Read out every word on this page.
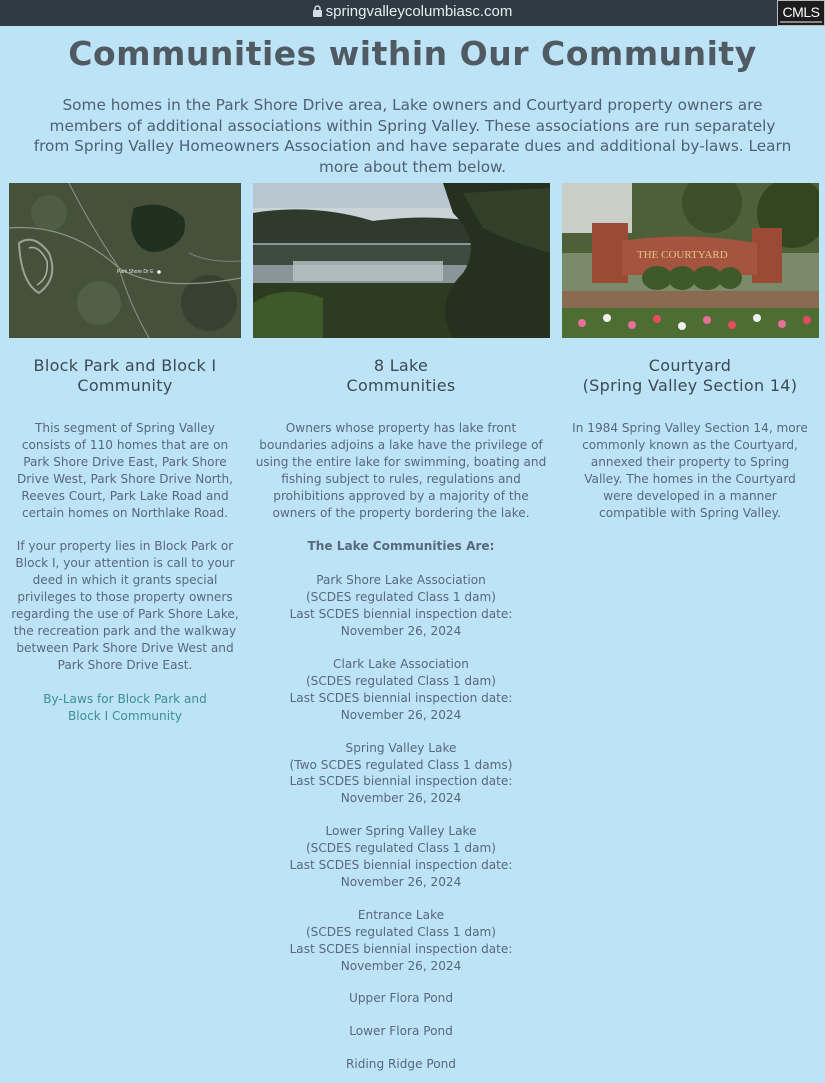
springvalleycolumbiasc.com	CMLS
Communities within Our Community

Some homes in the Park Shore Drive area, Lake owners and Courtyard property owners are members of additional associations within Spring Valley. These associations are run separately from Spring Valley Homeowners Association and have separate dues and additional by-laws. Learn more about them below.

Park Shore Dr E
THE COURTYARD
Block Park and Block I
Community

This segment of Spring Valley consists of 110 homes that are on Park Shore Drive East, Park Shore Drive West, Park Shore Drive North, Reeves Court, Park Lake Road and certain homes on Northlake Road.

If your property lies in Block Park or Block I, your attention is call to your deed in which it grants special privileges to those property owners regarding the use of Park Shore Lake, the recreation park and the walkway between Park Shore Drive West and Park Shore Drive East.

By-Laws for Block Park and
Block I Community

8 Lake
Communities

Owners whose property has lake front boundaries adjoins a lake have the privilege of using the entire lake for swimming, boating and fishing subject to rules, regulations and prohibitions approved by a majority of the owners of the property bordering the lake.

The Lake Communities Are:

Park Shore Lake Association
(SCDES regulated Class 1 dam)
Last SCDES biennial inspection date:
November 26, 2024

Clark Lake Association
(SCDES regulated Class 1 dam)
Last SCDES biennial inspection date:
November 26, 2024

Spring Valley Lake
(Two SCDES regulated Class 1 dams)
Last SCDES biennial inspection date:
November 26, 2024

Lower Spring Valley Lake
(SCDES regulated Class 1 dam)
Last SCDES biennial inspection date:
November 26, 2024

Entrance Lake
(SCDES regulated Class 1 dam)
Last SCDES biennial inspection date:
November 26, 2024

Upper Flora Pond

Lower Flora Pond

Riding Ridge Pond

Courtyard
(Spring Valley Section 14)

In 1984 Spring Valley Section 14, more commonly known as the Courtyard, annexed their property to Spring Valley. The homes in the Courtyard were developed in a manner compatible with Spring Valley.
